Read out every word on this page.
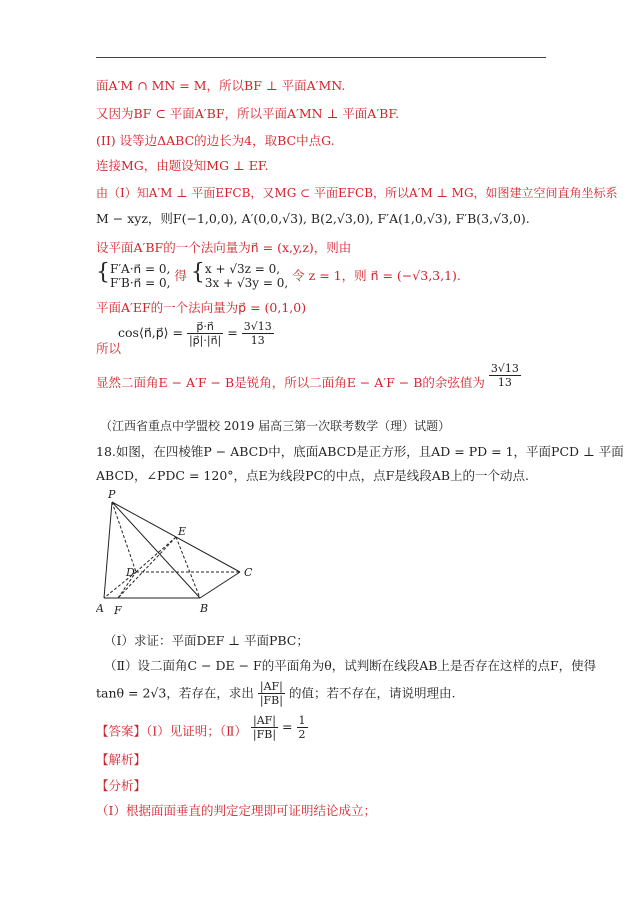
面A′M ∩ MN = M，所以BF ⊥ 平面A′MN.
又因为BF ⊂ 平面A′BF，所以平面A′MN ⊥ 平面A′BF.
(II) 设等边ΔABC的边长为4，取BC中点G.
连接MG，由题设知MG ⊥ EF.
由（I）知A′M ⊥ 平面EFCB，又MG ⊂ 平面EFCB，所以A′M ⊥ MG，如图建立空间直角坐标系
M − xyz，则F(−1,0,0), A′(0,0,√3), B(2,√3,0), F′A(1,0,√3), F′B(3,√3,0).
设平面A′BF的一个法向量为n⃗ = (x,y,z)，则由
{F′A·n⃗ = 0,
F′B·n⃗ = 0, 得 {x + √3z = 0,
3x + √3y = 0, 令 z = 1，则 n⃗ = (−√3,3,1).
平面A′EF的一个法向量为p⃗ = (0,1,0)
cos⟨n⃗,p⃗⟩ = $\frac{p⃗\cdot n⃗}{|p⃗|\cdot|n⃗|} = \frac{3√13}{13}$
所以
显然二面角E − A′F − B是锐角，所以二面角E − A′F − B的余弦值为 $\frac{3√13}{13}$
（江西省重点中学盟校 2019 届高三第一次联考数学（理）试题）
18.如图，在四棱锥P − ABCD中，底面ABCD是正方形，且AD = PD = 1，平面PCD ⊥ 平面
ABCD，∠PDC = 120°，点E为线段PC的中点，点F是线段AB上的一个动点.
P
E
D	C
A F	B
（Ⅰ）求证：平面DEF ⊥ 平面PBC；
（Ⅱ）设二面角C − DE − F的平面角为θ，试判断在线段AB上是否存在这样的点F，使得
tanθ = 2√3，若存在，求出 $\frac{|AF|}{|FB|}$ 的值；若不存在，请说明理由.
【答案】（Ⅰ）见证明；（Ⅱ） $\frac{|AF|}{|FB|} = \frac{1}{2}$
【解析】
【分析】
（Ⅰ）根据面面垂直的判定定理即可证明结论成立；
